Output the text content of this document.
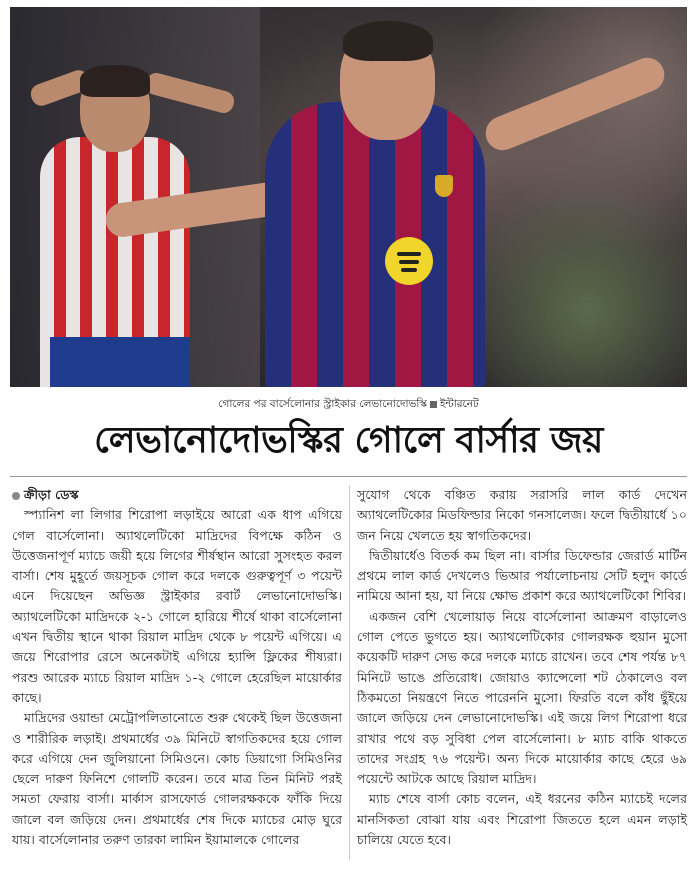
গোলের পর বার্সেলোনার স্ট্রাইকার লেভানোদোভস্কি ইন্টারনেট
লেভানোদোভস্কির গোলে বার্সার জয়

ক্রীড়া ডেস্ক

স্প্যানিশ লা লিগার শিরোপা লড়াইয়ে আরো এক ধাপ এগিয়ে গেল বার্সেলোনা। অ্যাথলেটিকো মাদ্রিদের বিপক্ষে কঠিন ও উত্তেজনাপূর্ণ ম্যাচে জয়ী হয়ে লিগের শীর্ষস্থান আরো সুসংহত করল বার্সা। শেষ মুহূর্তে জয়সূচক গোল করে দলকে গুরুত্বপূর্ণ ৩ পয়েন্ট এনে দিয়েছেন অভিজ্ঞ স্ট্রাইকার রবার্ট লেভানোদোভস্কি। অ্যাথলেটিকো মাদ্রিদকে ২-১ গোলে হারিয়ে শীর্ষে থাকা বার্সেলোনা এখন দ্বিতীয় স্থানে থাকা রিয়াল মাদ্রিদ থেকে ৮ পয়েন্ট এগিয়ে। এ জয়ে শিরোপার রেসে অনেকটাই এগিয়ে হ্যান্সি ফ্লিকের শীষ্যরা। পরশু আরেক ম্যাচে রিয়াল মাদ্রিদ ১-২ গোলে হেরেছিল মায়োর্কার কাছে।

মাদ্রিদের ওয়ান্ডা মেট্রোপলিতানোতে শুরু থেকেই ছিল উত্তেজনা ও শারীরিক লড়াই। প্রথমার্ধের ৩৯ মিনিটে স্বাগতিকদের হয়ে গোল করে এগিয়ে দেন জুলিয়ানো সিমিওনে। কোচ ডিয়াগো সিমিওনির ছেলে দারুণ ফিনিশে গোলটি করেন। তবে মাত্র তিন মিনিট পরই সমতা ফেরায় বার্সা। মার্কাস রাসফোর্ড গোলরক্ষককে ফাঁকি দিয়ে জালে বল জড়িয়ে দেন। প্রথমার্ধের শেষ দিকে ম্যাচের মোড় ঘুরে যায়। বার্সেলোনার তরুণ তারকা লামিন ইয়ামালকে গোলের

সুযোগ থেকে বঞ্চিত করায় সরাসরি লাল কার্ড দেখেন অ্যাথলেটিকোর মিডফিল্ডার নিকো গনসালেজ। ফলে দ্বিতীয়ার্ধে ১০ জন নিয়ে খেলতে হয় স্বাগতিকদের।

দ্বিতীয়ার্ধেও বিতর্ক কম ছিল না। বার্সার ডিফেন্ডার জেরার্ড মার্টিন প্রথমে লাল কার্ড দেখলেও ভিআর পর্যালোচনায় সেটি হলুদ কার্ডে নামিয়ে আনা হয়, যা নিয়ে ক্ষোভ প্রকাশ করে অ্যাথলেটিকো শিবির।

একজন বেশি খেলোয়াড় নিয়ে বার্সেলোনা আক্রমণ বাড়ালেও গোল পেতে ভুগতে হয়। অ্যাথলেটিকোর গোলরক্ষক হুয়ান মুসো কয়েকটি দারুণ সেভ করে দলকে ম্যাচে রাখেন। তবে শেষ পর্যন্ত ৮৭ মিনিটে ভাঙে প্রতিরোধ। জোয়াও ক্যান্সেলো শট ঠেকালেও বল ঠিকমতো নিয়ন্ত্রণে নিতে পারেননি মুসো। ফিরতি বলে কাঁধ ছুঁইয়ে জালে জড়িয়ে দেন লেভানোদোভস্কি। এই জয়ে লিগ শিরোপা ধরে রাখার পথে বড় সুবিধা পেল বার্সেলোনা। ৮ ম্যাচ বাকি থাকতে তাদের সংগ্রহ ৭৬ পয়েন্ট। অন্য দিকে মায়োর্কার কাছে হেরে ৬৯ পয়েন্টে আটকে আছে রিয়াল মাদ্রিদ।

ম্যাচ শেষে বার্সা কোচ বলেন, এই ধরনের কঠিন ম্যাচেই দলের মানসিকতা বোঝা যায় এবং শিরোপা জিততে হলে এমন লড়াই চালিয়ে যেতে হবে।
